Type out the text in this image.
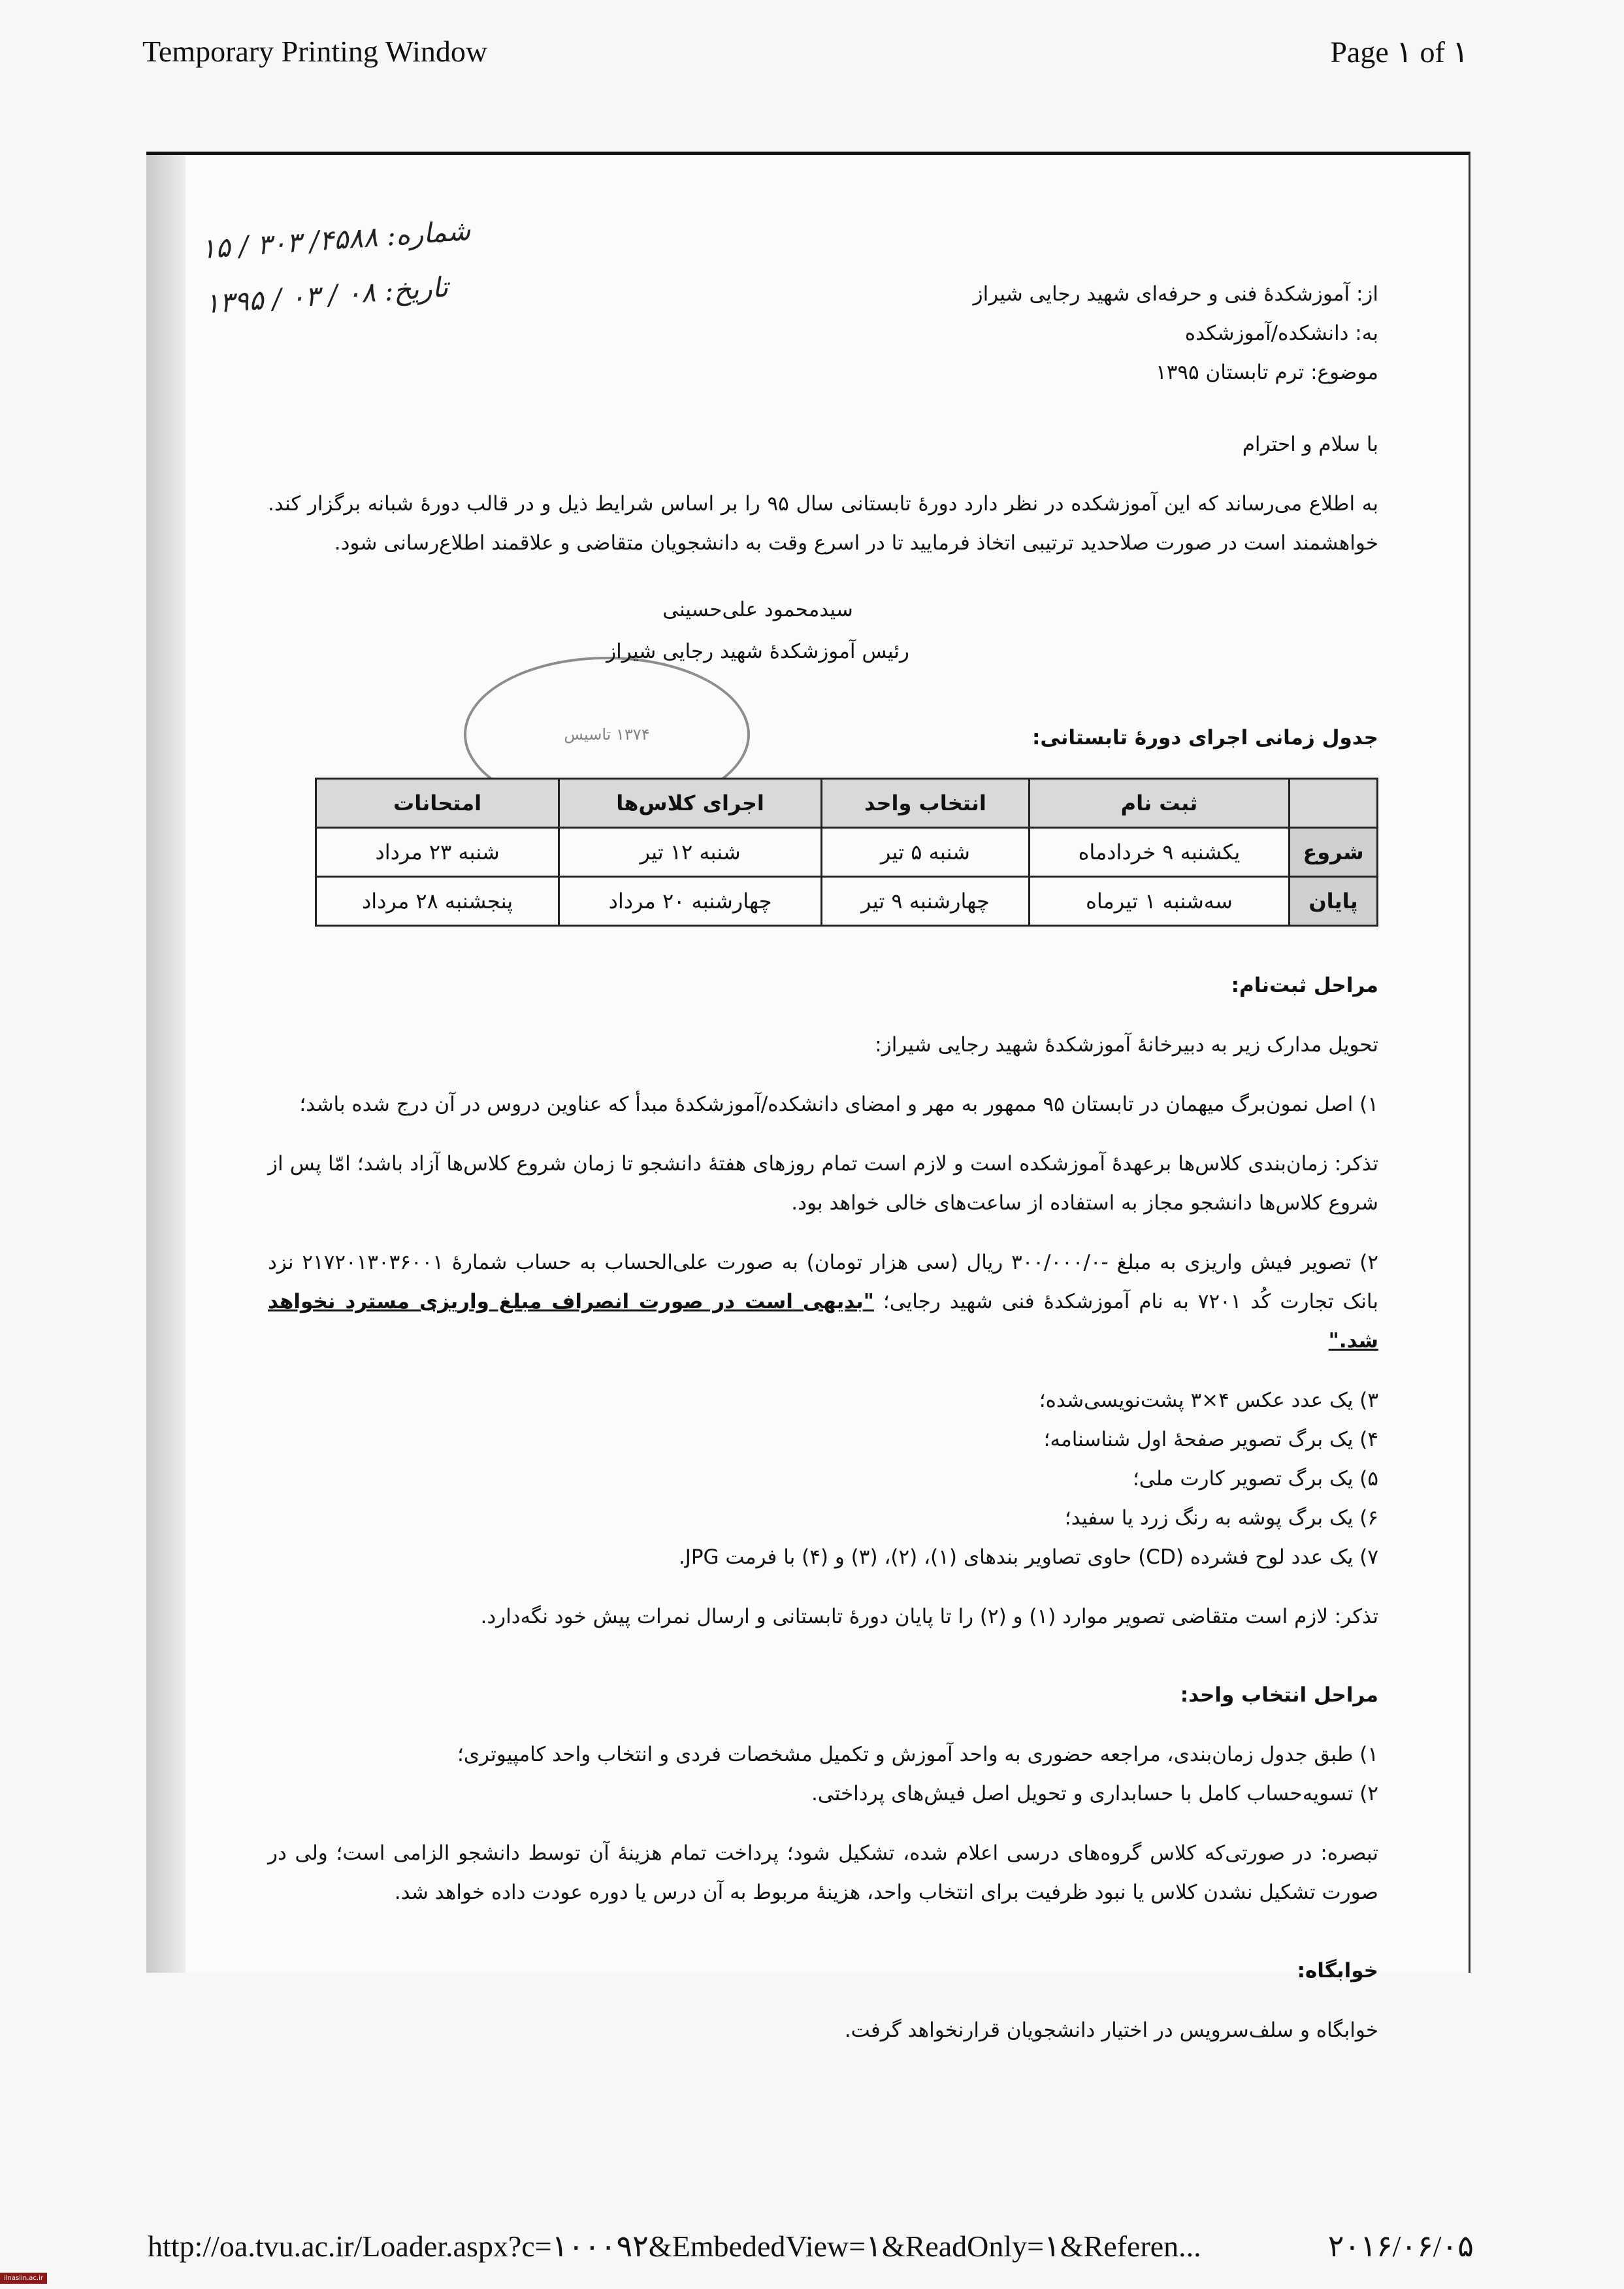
Temporary Printing Window	Page ۱ of ۱
شماره: ۴۵۸۸/ ۳۰۳ / ۱۵
تاریخ: ۰۸ / ۰۳ / ۱۳۹۵
تاسیس
۱۳۷۴

از: آموزشکدهٔ فنی و حرفه‌ای شهید رجایی شیراز

به: دانشکده/آموزشکده

موضوع: ترم تابستان ۱۳۹۵

با سلام و احترام

به اطلاع می‌رساند که این آموزشکده در نظر دارد دورهٔ تابستانی سال ۹۵ را بر اساس شرایط ذیل و در قالب دورهٔ شبانه برگزار کند. خواهشمند است در صورت صلاحدید ترتیبی اتخاذ فرمایید تا در اسرع وقت به دانشجویان متقاضی و علاقمند اطلاع‌رسانی شود.

سیدمحمود علی‌حسینی
رئیس آموزشکدهٔ شهید رجایی شیراز

جدول زمانی اجرای دورهٔ تابستانی:

	ثبت نام	انتخاب واحد	اجرای کلاس‌ها	امتحانات
شروع	یکشنبه ۹ خردادماه	شنبه ۵ تیر	شنبه ۱۲ تیر	شنبه ۲۳ مرداد
پایان	سه‌شنبه ۱ تیرماه	چهارشنبه ۹ تیر	چهارشنبه ۲۰ مرداد	پنجشنبه ۲۸ مرداد

مراحل ثبت‌نام:

تحویل مدارک زیر به دبیرخانهٔ آموزشکدهٔ شهید رجایی شیراز:

۱) اصل نمون‌برگ میهمان در تابستان ۹۵ ممهور به مهر و امضای دانشکده/آموزشکدهٔ مبدأ که عناوین دروس در آن درج شده باشد؛

تذکر: زمان‌بندی کلاس‌ها برعهدهٔ آموزشکده است و لازم است تمام روزهای هفتهٔ دانشجو تا زمان شروع کلاس‌ها آزاد باشد؛ امّا پس از شروع کلاس‌ها دانشجو مجاز به استفاده از ساعت‌های خالی خواهد بود.

۲) تصویر فیش واریزی به مبلغ -۳۰۰/۰۰۰/۰ ریال (سی هزار تومان) به صورت علی‌الحساب به حساب شمارهٔ ۲۱۷۲۰۱۳۰۳۶۰۰۱ نزد بانک تجارت کُد ۷۲۰۱ به نام آموزشکدهٔ فنی شهید رجایی؛ "بدیهی است در صورت انصراف مبلغ واریزی مسترد نخواهد شد."

۳) یک عدد عکس ۴×۳ پشت‌نویسی‌شده؛

۴) یک برگ تصویر صفحهٔ اول شناسنامه؛

۵) یک برگ تصویر کارت ملی؛

۶) یک برگ پوشه به رنگ زرد یا سفید؛

۷) یک عدد لوح فشرده (CD) حاوی تصاویر بندهای (۱)، (۲)، (۳) و (۴) با فرمت JPG.

تذکر: لازم است متقاضی تصویر موارد (۱) و (۲) را تا پایان دورهٔ تابستانی و ارسال نمرات پیش خود نگه‌دارد.

مراحل انتخاب واحد:

۱) طبق جدول زمان‌بندی، مراجعه حضوری به واحد آموزش و تکمیل مشخصات فردی و انتخاب واحد کامپیوتری؛

۲) تسویه‌حساب کامل با حسابداری و تحویل اصل فیش‌های پرداختی.

تبصره: در صورتی‌که کلاس گروه‌های درسی اعلام شده، تشکیل شود؛ پرداخت تمام هزینهٔ آن توسط دانشجو الزامی است؛ ولی در صورت تشکیل نشدن کلاس یا نبود ظرفیت برای انتخاب واحد، هزینهٔ مربوط به آن درس یا دوره عودت داده خواهد شد.

خوابگاه:

خوابگاه و سلف‌سرویس در اختیار دانشجویان قرارنخواهد گرفت.

http://oa.tvu.ac.ir/Loader.aspx?c=۱۰۰۰۹۲&EmbededView=۱&ReadOnly=۱&Referen...	۲۰۱۶/۰۶/۰۵
ilnasiin.ac.ir
